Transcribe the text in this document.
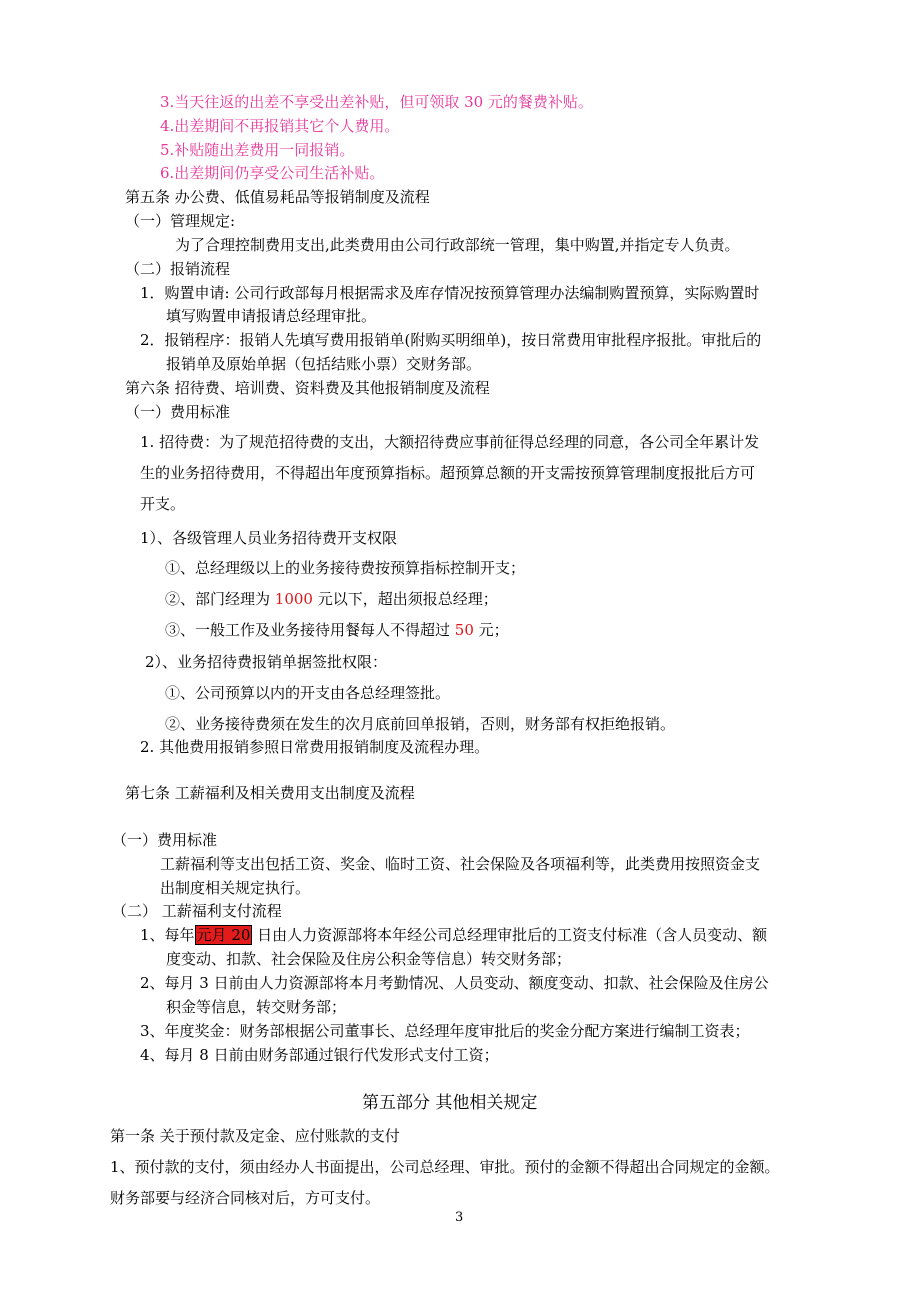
3.当天往返的出差不享受出差补贴，但可领取 30 元的餐费补贴。
4.出差期间不再报销其它个人费用。
5.补贴随出差费用一同报销。
6.出差期间仍享受公司生活补贴。
第五条 办公费、低值易耗品等报销制度及流程
（一）管理规定:
为了合理控制费用支出,此类费用由公司行政部统一管理，集中购置,并指定专人负责。
（二）报销流程
1．购置申请: 公司行政部每月根据需求及库存情况按预算管理办法编制购置预算，实际购置时
填写购置申请报请总经理审批。
2．报销程序：报销人先填写费用报销单(附购买明细单)，按日常费用审批程序报批。审批后的
报销单及原始单据（包括结账小票）交财务部。
第六条 招待费、培训费、资料费及其他报销制度及流程
（一）费用标准
1. 招待费：为了规范招待费的支出，大额招待费应事前征得总经理的同意，各公司全年累计发
生的业务招待费用，不得超出年度预算指标。超预算总额的开支需按预算管理制度报批后方可
开支。
1）、各级管理人员业务招待费开支权限
①、总经理级以上的业务接待费按预算指标控制开支；
②、部门经理为 1000 元以下，超出须报总经理；
③、一般工作及业务接待用餐每人不得超过 50 元；
2）、业务招待费报销单据签批权限：
①、公司预算以内的开支由各总经理签批。
②、业务接待费须在发生的次月底前回单报销，否则，财务部有权拒绝报销。
2. 其他费用报销参照日常费用报销制度及流程办理。
第七条 工薪福利及相关费用支出制度及流程
（一）费用标准
工薪福利等支出包括工资、奖金、临时工资、社会保险及各项福利等，此类费用按照资金支
出制度相关规定执行。
（二） 工薪福利支付流程
1、每年 元月 20 日由人力资源部将本年经公司总经理审批后的工资支付标准（含人员变动、额
度变动、扣款、社会保险及住房公积金等信息）转交财务部；
2、每月 3 日前由人力资源部将本月考勤情况、人员变动、额度变动、扣款、社会保险及住房公
积金等信息，转交财务部；
3、年度奖金：财务部根据公司董事长、总经理年度审批后的奖金分配方案进行编制工资表；
4、每月 8 日前由财务部通过银行代发形式支付工资；
第五部分 其他相关规定
第一条 关于预付款及定金、应付账款的支付
1、预付款的支付，须由经办人书面提出，公司总经理、审批。预付的金额不得超出合同规定的金额。
财务部要与经济合同核对后，方可支付。
3
